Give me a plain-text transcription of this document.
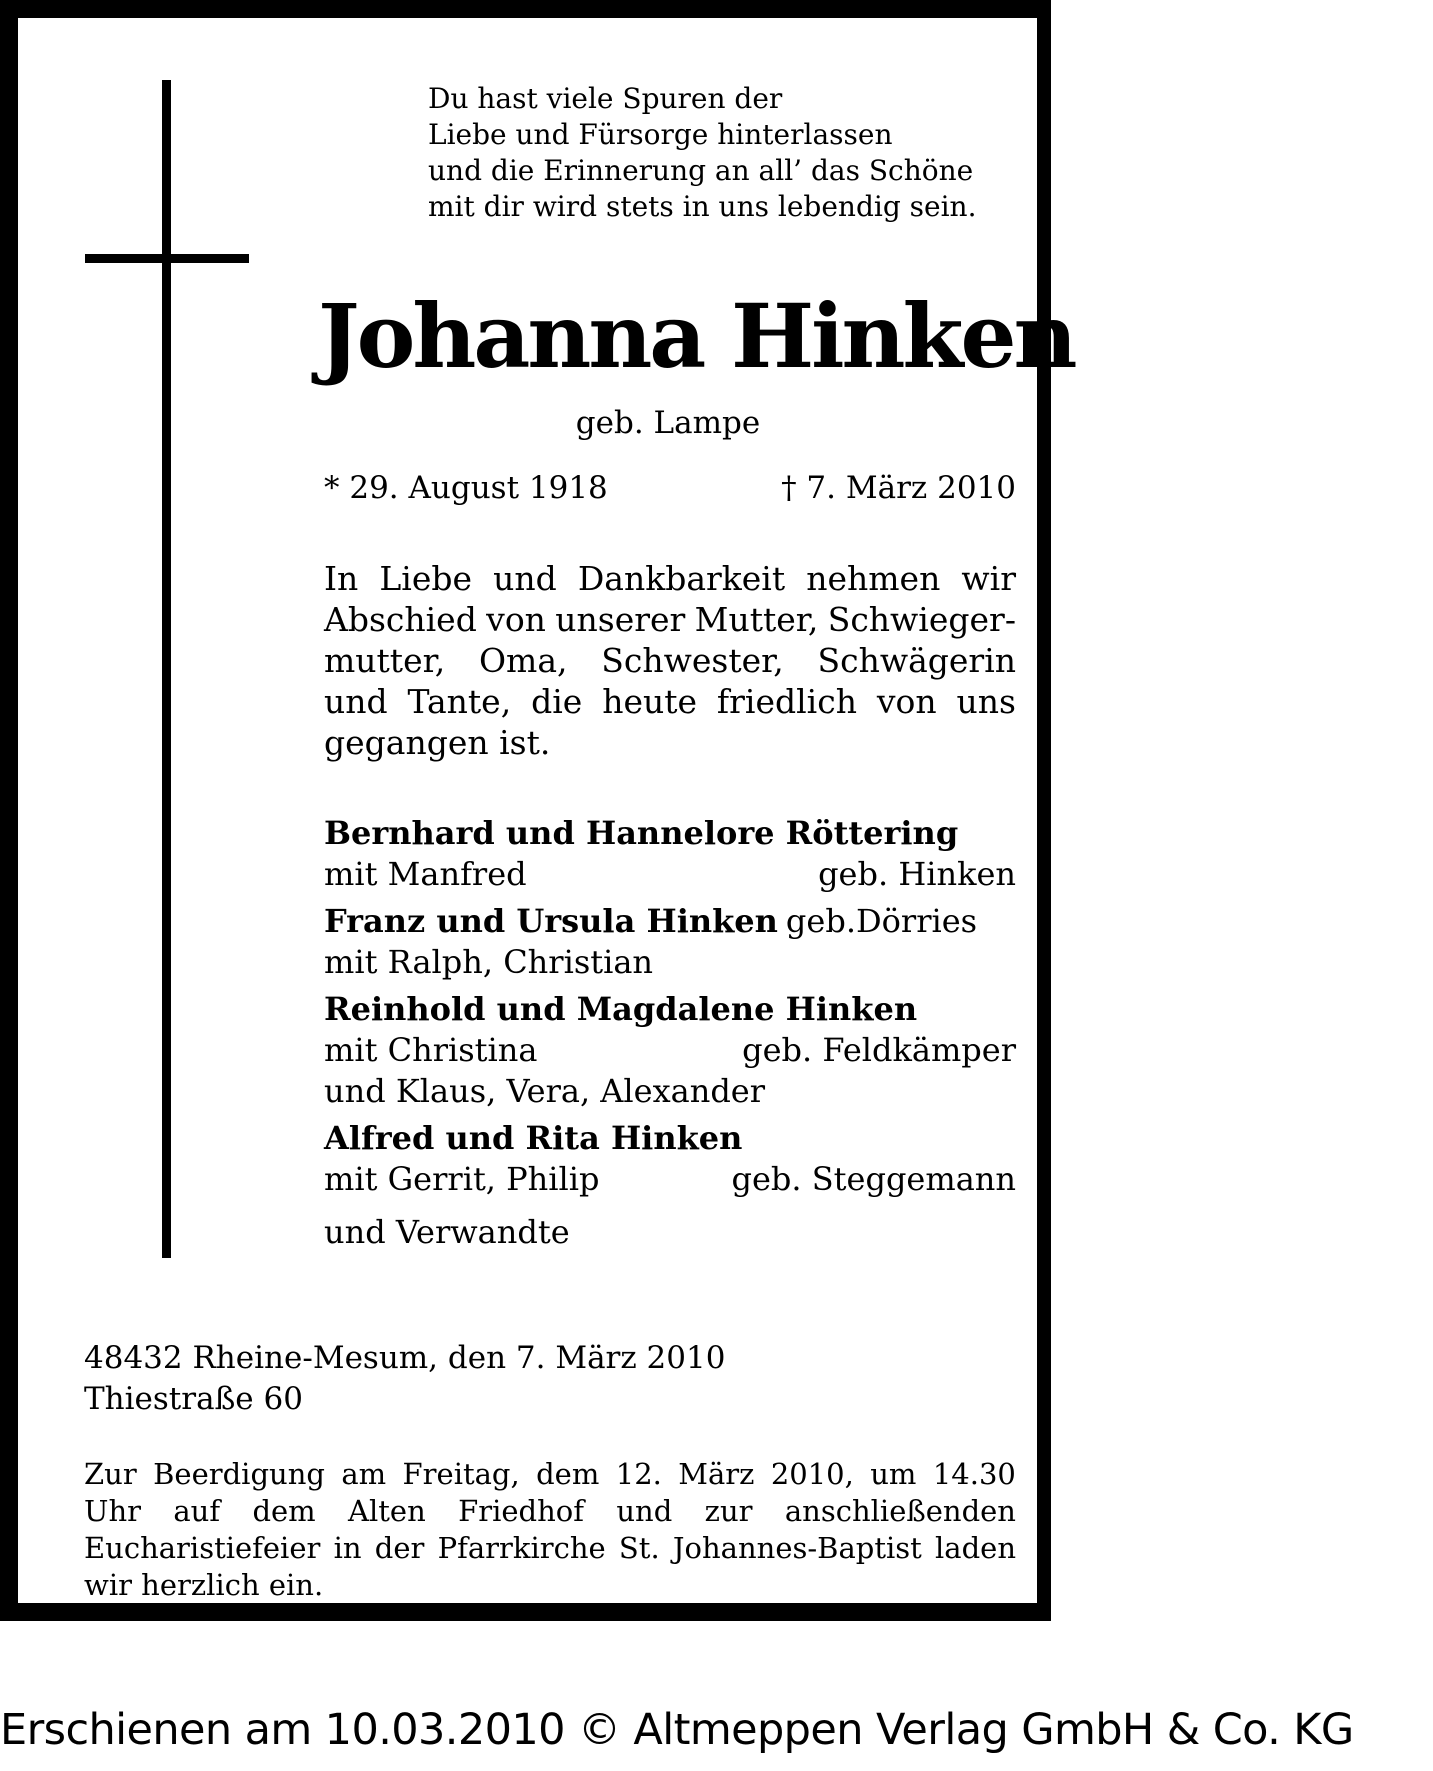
Du hast viele Spuren der
Liebe und Fürsorge hinterlassen
und die Erinnerung an all’ das Schöne
mit dir wird stets in uns lebendig sein.
Johanna Hinken
geb. Lampe
* 29. August 1918	† 7. März 2010
In Liebe und Dankbarkeit nehmen wir
Abschied von unserer Mutter, Schwieger-
mutter, Oma, Schwester, Schwägerin
und Tante, die heute friedlich von uns
gegangen ist.
Bernhard und Hannelore Röttering
mit Manfred	geb. Hinken
Franz und Ursula Hinken geb.Dörries
mit Ralph, Christian
Reinhold und Magdalene Hinken
mit Christina	geb. Feldkämper
und Klaus, Vera, Alexander
Alfred und Rita Hinken
mit Gerrit, Philip	geb. Steggemann
und Verwandte
48432 Rheine-Mesum, den 7. März 2010
Thiestraße 60
Zur Beerdigung am Freitag, dem 12. März 2010, um 14.30
Uhr auf dem Alten Friedhof und zur anschließenden
Eucharistiefeier in der Pfarrkirche St. Johannes-Baptist laden
wir herzlich ein.
Erschienen am 10.03.2010 © Altmeppen Verlag GmbH & Co. KG
